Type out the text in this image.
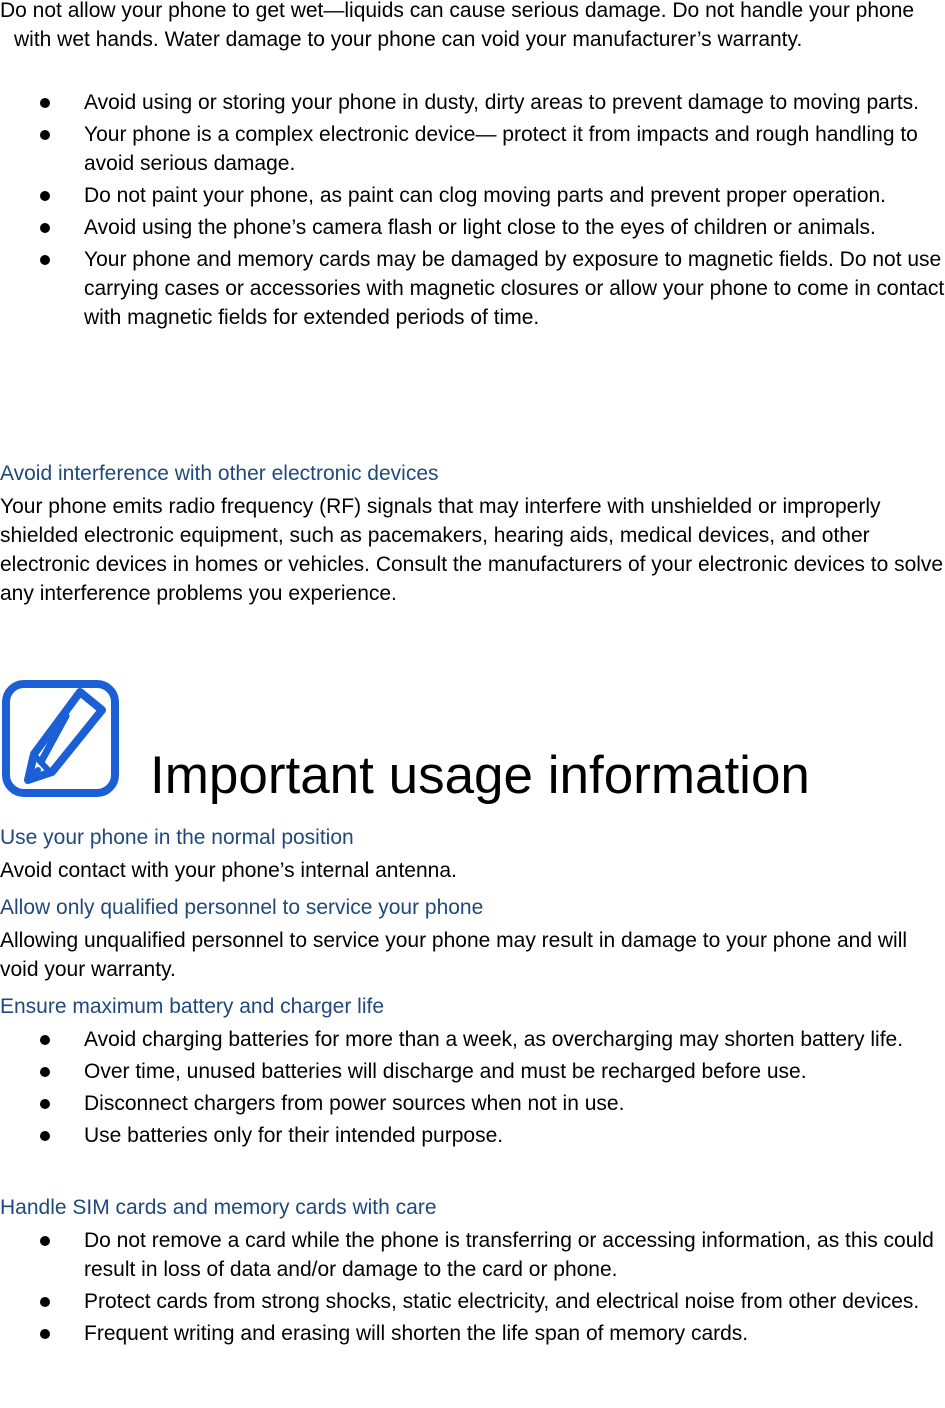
Do not allow your phone to get wet—liquids can cause serious damage. Do not handle your phone with wet hands. Water damage to your phone can void your manufacturer’s warranty.

Avoid using or storing your phone in dusty, dirty areas to prevent damage to moving parts.
Your phone is a complex electronic device— protect it from impacts and rough handling to avoid serious damage.
Do not paint your phone, as paint can clog moving parts and prevent proper operation.
Avoid using the phone’s camera flash or light close to the eyes of children or animals.
Your phone and memory cards may be damaged by exposure to magnetic fields. Do not use carrying cases or accessories with magnetic closures or allow your phone to come in contact with magnetic fields for extended periods of time.

Avoid interference with other electronic devices

Your phone emits radio frequency (RF) signals that may interfere with unshielded or improperly shielded electronic equipment, such as pacemakers, hearing aids, medical devices, and other electronic devices in homes or vehicles. Consult the manufacturers of your electronic devices to solve any interference problems you experience.

Important usage information

Use your phone in the normal position

Avoid contact with your phone’s internal antenna.

Allow only qualified personnel to service your phone

Allowing unqualified personnel to service your phone may result in damage to your phone and will void your warranty.

Ensure maximum battery and charger life

Avoid charging batteries for more than a week, as overcharging may shorten battery life.
Over time, unused batteries will discharge and must be recharged before use.
Disconnect chargers from power sources when not in use.
Use batteries only for their intended purpose.

Handle SIM cards and memory cards with care

Do not remove a card while the phone is transferring or accessing information, as this could result in loss of data and/or damage to the card or phone.
Protect cards from strong shocks, static electricity, and electrical noise from other devices.
Frequent writing and erasing will shorten the life span of memory cards.
